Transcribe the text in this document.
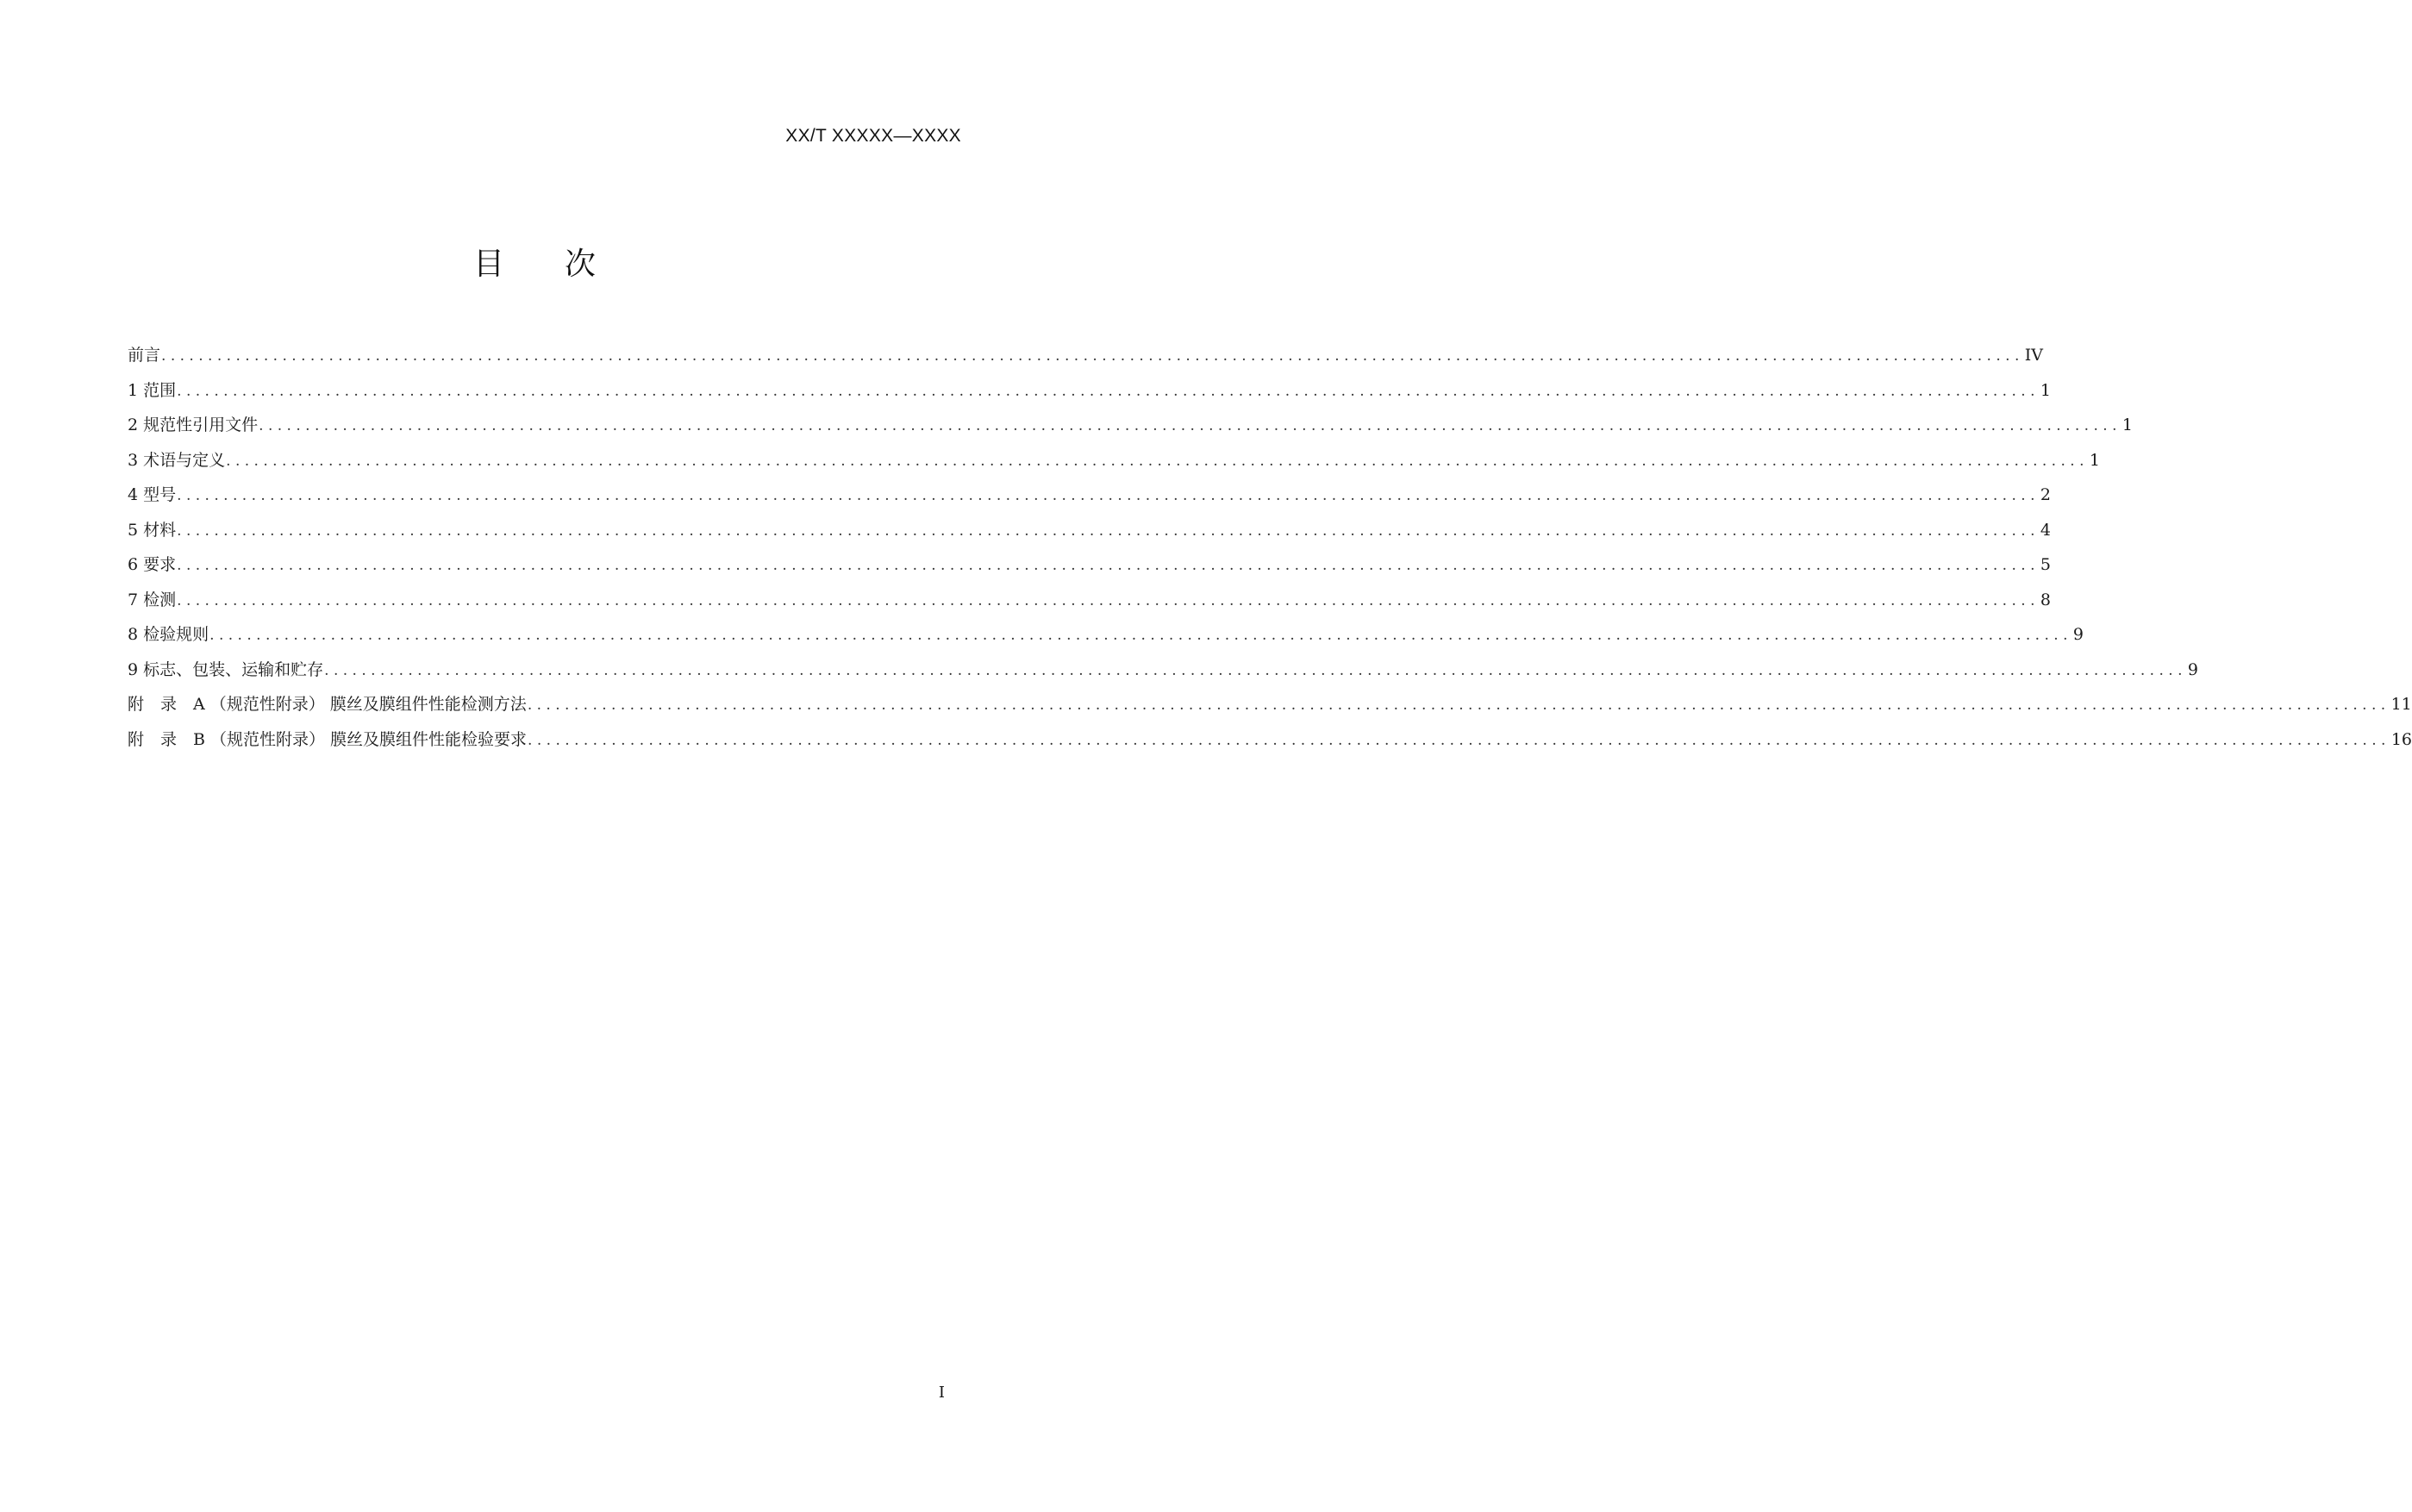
XX/T XXXXX—XXXX
目 次
前言 ........................................................................................................................................................................................................ IV
1 范围 ........................................................................................................................................................................................................ 1
2 规范性引用文件 ........................................................................................................................................................................................................ 1
3 术语与定义 ........................................................................................................................................................................................................ 1
4 型号 ........................................................................................................................................................................................................ 2
5 材料 ........................................................................................................................................................................................................ 4
6 要求 ........................................................................................................................................................................................................ 5
7 检测 ........................................................................................................................................................................................................ 8
8 检验规则 ........................................................................................................................................................................................................ 9
9 标志、包装、运输和贮存 ........................................................................................................................................................................................................ 9
附　录　A （规范性附录） 膜丝及膜组件性能检测方法 ........................................................................................................................................................................................................ 11
附　录　B （规范性附录） 膜丝及膜组件性能检验要求 ........................................................................................................................................................................................................ 16
I
